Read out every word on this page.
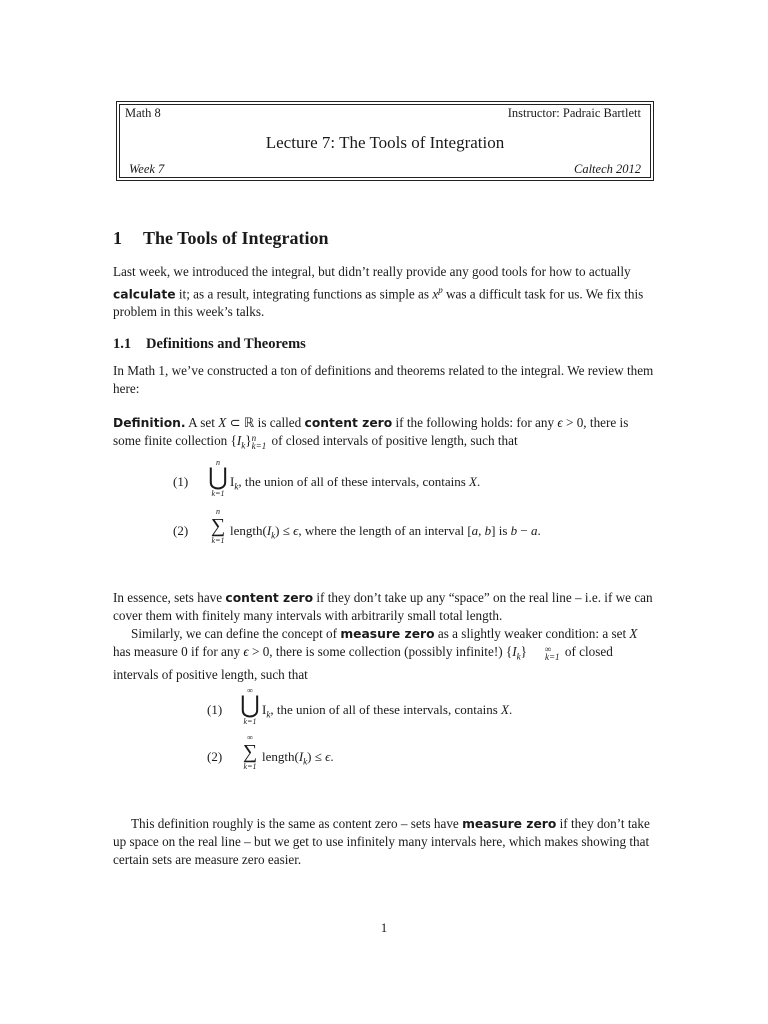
Math 8	Instructor: Padraic Bartlett
Lecture 7: The Tools of Integration
Week 7	Caltech 2012
1 The Tools of Integration
Last week, we introduced the integral, but didn’t really provide any good tools for how to actually calculate it; as a result, integrating functions as simple as $x^p$ was a difficult task for us. We fix this problem in this week’s talks.
1.1 Definitions and Theorems
In Math 1, we’ve constructed a ton of definitions and theorems related to the integral. We review them here:
Definition. A set X ⊂ ℝ is called content zero if the following holds: for any ϵ > 0, there is some finite collection $\{I_k\}$ n
k=1 of closed intervals of positive length, such that
(1)
n
⋃
k=1
$I_k$, the union of all of these intervals, contains X.
(2)
n
∑
k=1
$length(I_k) \le \epsilon$, where the length of an interval [a, b] is b − a.
In essence, sets have content zero if they don’t take up any “space” on the real line – i.e. if we can cover them with finitely many intervals with arbitrarily small total length.
Similarly, we can define the concept of measure zero as a slightly weaker condition: a set X has measure 0 if for any ϵ > 0, there is some collection (possibly infinite!) $\{I_k\}$	∞
k=1 of closed intervals of positive length, such that
(1)
∞
⋃
k=1
$I_k$, the union of all of these intervals, contains X.
(2)
∞
∑
k=1
$length(I_k) \le \epsilon$.
This definition roughly is the same as content zero – sets have measure zero if they don’t take up space on the real line – but we get to use infinitely many intervals here, which makes showing that certain sets are measure zero easier.
1
